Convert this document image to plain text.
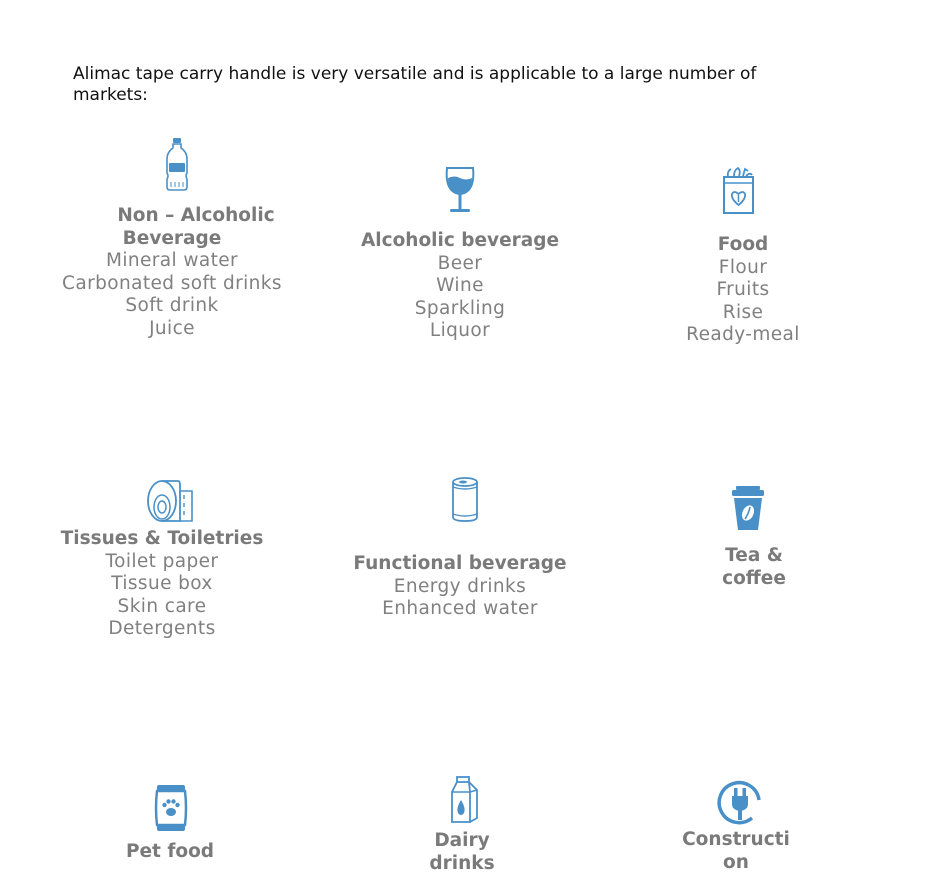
Alimac tape carry handle is very versatile and is applicable to a large number of markets:
Non – Alcoholic
Beverage
Mineral water
Carbonated soft drinks
Soft drink
Juice
Alcoholic beverage
Beer
Wine
Sparkling
Liquor
Food
Flour
Fruits
Rise
Ready-meal
Tissues & Toiletries
Toilet paper
Tissue box
Skin care
Detergents
Functional beverage
Energy drinks
Enhanced water
Tea &
coffee
Pet food
Dairy
drinks
Constructi
on
